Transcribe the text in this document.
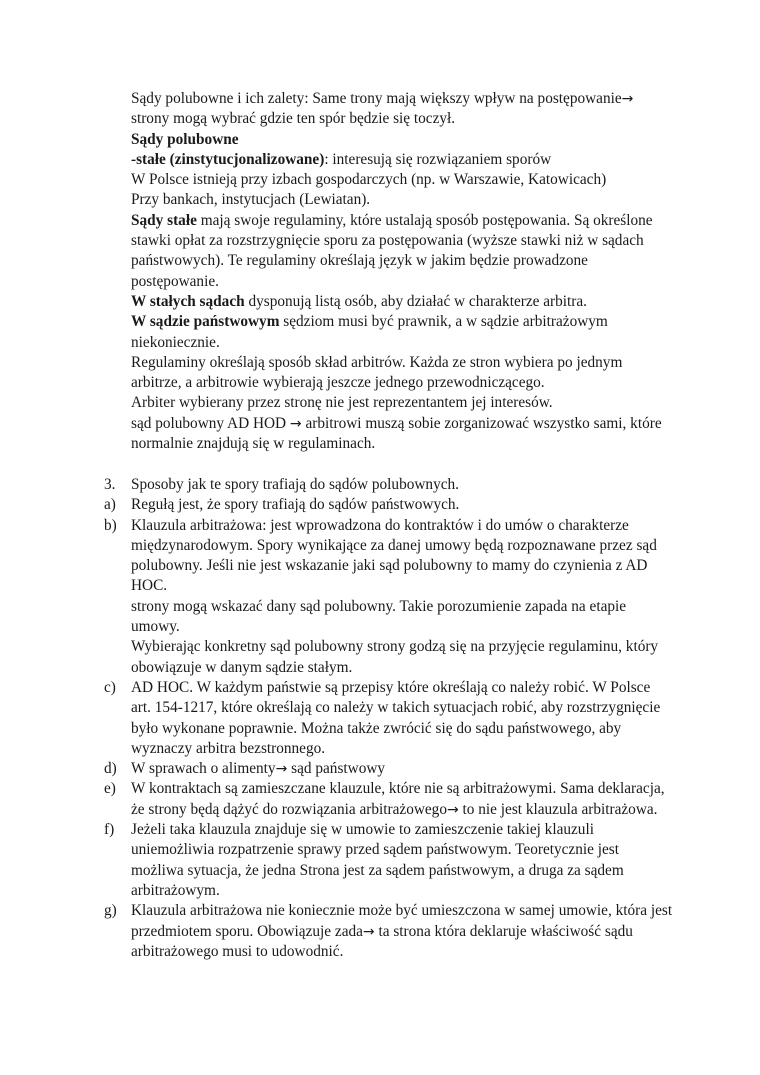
Sądy polubowne i ich zalety: Same trony mają większy wpływ na postępowanie→ strony mogą wybrać gdzie ten spór będzie się toczył.

Sądy polubowne

-stałe (zinstytucjonalizowane): interesują się rozwiązaniem sporów

W Polsce istnieją przy izbach gospodarczych (np. w Warszawie, Katowicach)

Przy bankach, instytucjach (Lewiatan).

Sądy stałe mają swoje regulaminy, które ustalają sposób postępowania. Są określone stawki opłat za rozstrzygnięcie sporu za postępowania (wyższe stawki niż w sądach państwowych). Te regulaminy określają język w jakim będzie prowadzone postępowanie.

W stałych sądach dysponują listą osób, aby działać w charakterze arbitra.

W sądzie państwowym sędziom musi być prawnik, a w sądzie arbitrażowym niekoniecznie.

Regulaminy określają sposób skład arbitrów. Każda ze stron wybiera po jednym arbitrze, a arbitrowie wybierają jeszcze jednego przewodniczącego.

Arbiter wybierany przez stronę nie jest reprezentantem jej interesów.

sąd polubowny AD HOD → arbitrowi muszą sobie zorganizować wszystko sami, które normalnie znajdują się w regulaminach.

3.	Sposoby jak te spory trafiają do sądów polubownych.
a) Regułą jest, że spory trafiają do sądów państwowych.
b) Klauzula arbitrażowa: jest wprowadzona do kontraktów i do umów o charakterze międzynarodowym. Spory wynikające za danej umowy będą rozpoznawane przez sąd polubowny. Jeśli nie jest wskazanie jaki sąd polubowny to mamy do czynienia z AD HOC.

strony mogą wskazać dany sąd polubowny. Takie porozumienie zapada na etapie umowy.

Wybierając konkretny sąd polubowny strony godzą się na przyjęcie regulaminu, który obowiązuje w danym sądzie stałym.

c) AD HOC. W każdym państwie są przepisy które określają co należy robić. W Polsce art. 154-1217, które określają co należy w takich sytuacjach robić, aby rozstrzygnięcie było wykonane poprawnie. Można także zwrócić się do sądu państwowego, aby wyznaczy arbitra bezstronnego.
d) W sprawach o alimenty→ sąd państwowy
e) W kontraktach są zamieszczane klauzule, które nie są arbitrażowymi. Sama deklaracja, że strony będą dążyć do rozwiązania arbitrażowego→ to nie jest klauzula arbitrażowa.
f)	Jeżeli taka klauzula znajduje się w umowie to zamieszczenie takiej klauzuli uniemożliwia rozpatrzenie sprawy przed sądem państwowym. Teoretycznie jest możliwa sytuacja, że jedna Strona jest za sądem państwowym, a druga za sądem arbitrażowym.
g) Klauzula arbitrażowa nie koniecznie może być umieszczona w samej umowie, która jest przedmiotem sporu. Obowiązuje zada→ ta strona która deklaruje właściwość sądu arbitrażowego musi to udowodnić.
